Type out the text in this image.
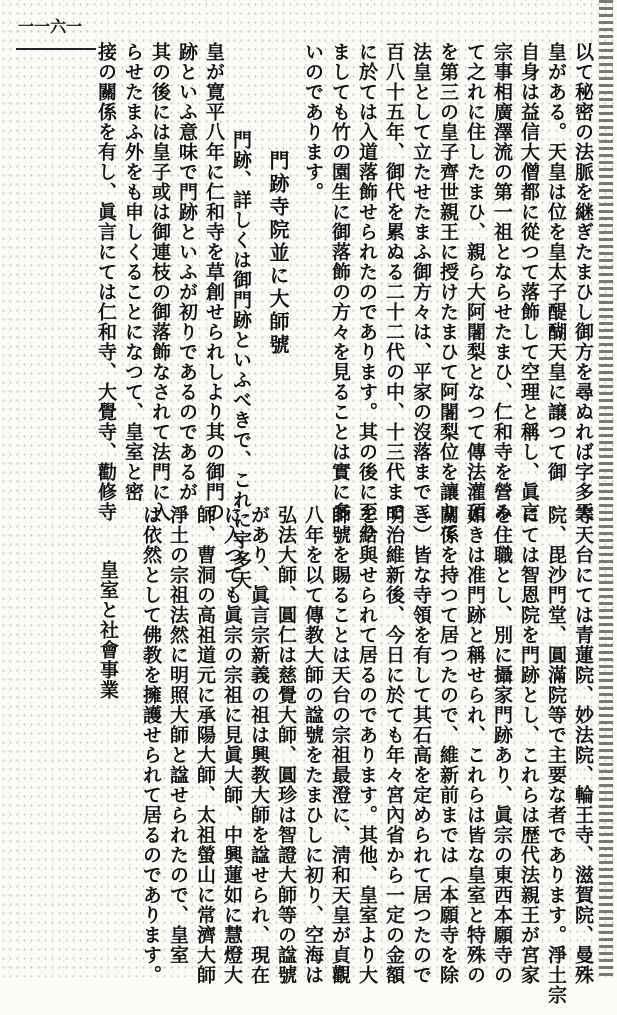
一一六一
以て秘密の法脈を継ぎたまひし御方を尋ぬれば字多天
皇がある。天皇は位を皇太子醍醐天皇に譲つて御
自身は益信大僧都に從つて落飾して空理と稱し、眞言
宗事相廣澤流の第一祖とならせたまひ、仁和寺を營み
て之れに住したまひ、親ら大阿闍梨となつて傳法灌頂
を第三の皇子齊世親王に授けたまひて阿闍梨位を讓りて
法皇として立たせたまふ御方々は、平家の沒落まで二
百八十五年、御代を累ぬる二十二代の中、十三代まで
に於ては入道落飾せられたのであります。其の後に至り
ましても竹の園生に御落飾の方々を見ることは實に多
いのであります。
門跡寺院並に大師號
門跡、詳しくは御門跡といふべきで、これに宇多天
皇が寛平八年に仁和寺を草創せられしより其の御門の
跡といふ意味で門跡といふが初りであるのであるが
其の後には皇子或は御連枝の御落飾なされて法門に入
らせたまふ外をも申しくることになつて、皇室と密
接の關係を有し、眞言にては仁和寺、大覺寺、勸修寺
等天台にては青蓮院、妙法院、輪王寺、滋賀院、曼殊
院、毘沙門堂、圓滿院等で主要な者であります。淨土宗
にては智恩院を門跡とし、これらは歴代法親王が宮家
を住職とし、別に攝家門跡あり、眞宗の東西本願寺の
如きは准門跡と稱せられ、これらは皆な皇室と特殊の
關係を持つて居つたので、維新前までは（本願寺を除
き）皆な寺領を有して其石高を定められて居つたので
明治維新後、今日に於ても年々宮內省から一定の金額
を給與せられて居るのであります。其他、皇室より大
師號を賜ることは天台の宗祖最澄に、淸和天皇が貞觀
八年を以て傳教大師の諡號をたまひしに初り、空海は
弘法大師、圓仁は慈覺大師、圓珍は智證大師等の諡號
があり、眞言宗新義の祖は興教大師を諡せられ、現在
に入つても眞宗の宗祖に見眞大師、中興蓮如に慧燈大
師、曹洞の高祖道元に承陽大師、太祖螢山に常濟大師
淨土の宗祖法然に明照大師と諡せられたので、皇室
は依然として佛教を擁護せられて居るのであります。
皇室と社會事業
